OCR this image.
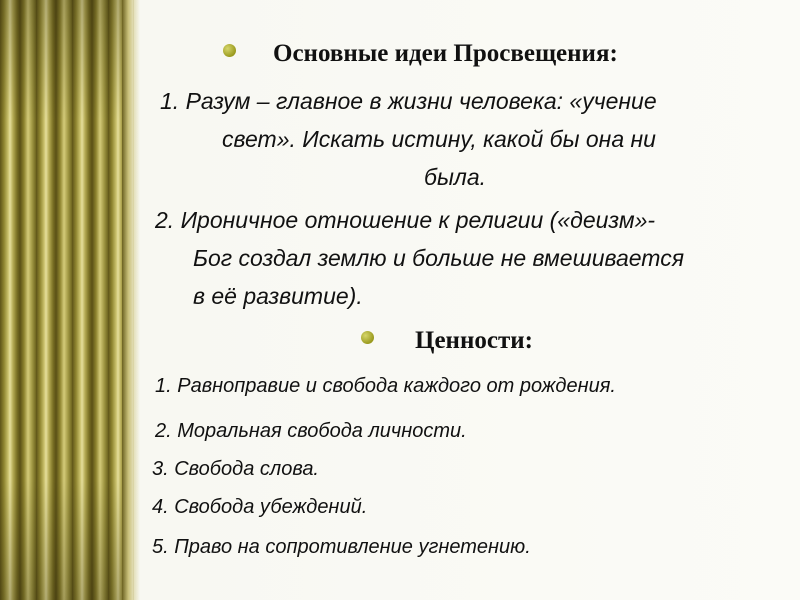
Основные идеи Просвещения:
1. Разум – главное в жизни человека: «учение
свет». Искать истину, какой бы она ни
была.
2. Ироничное отношение к религии («деизм»-
Бог создал землю и больше не вмешивается
в её развитие).
Ценности:
1. Равноправие и свобода каждого от рождения.
2. Моральная свобода личности.
3. Свобода слова.
4. Свобода убеждений.
5. Право на сопротивление угнетению.
